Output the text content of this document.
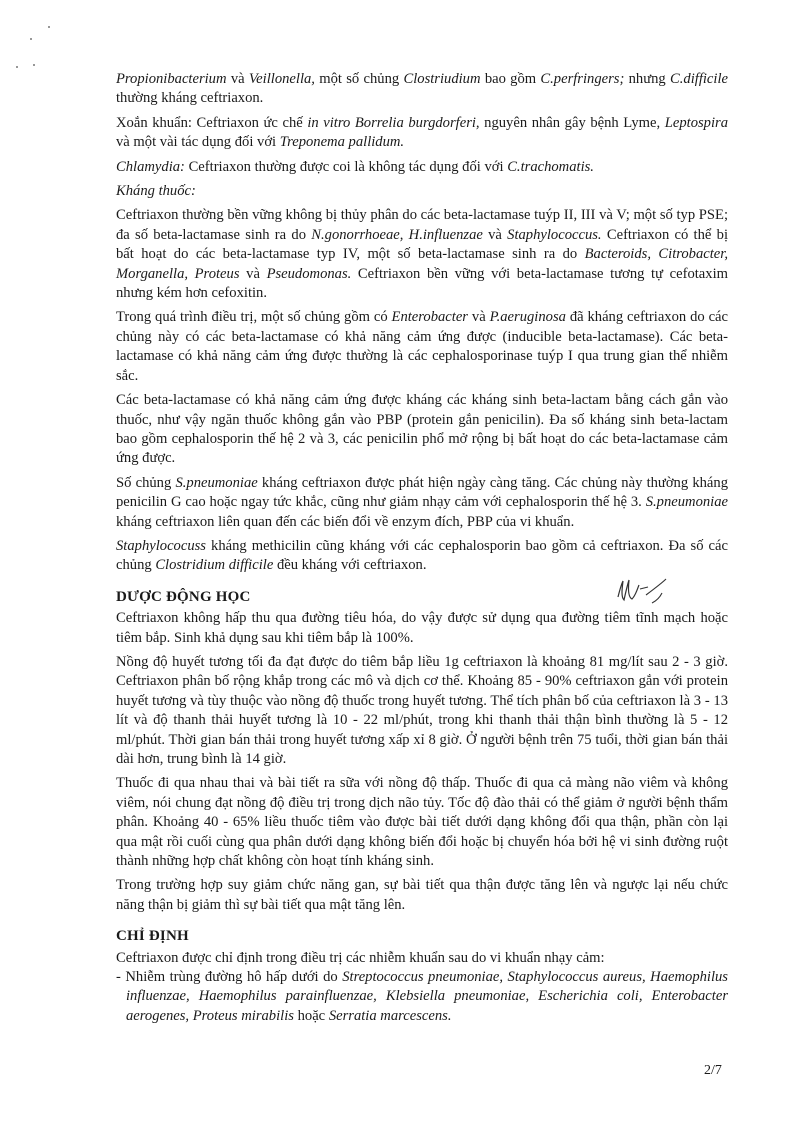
Propionibacterium và Veillonella, một số chủng Clostriudium bao gồm C.perfringers; nhưng C.difficile thường kháng ceftriaxon.

Xoắn khuẩn: Ceftriaxon ức chế in vitro Borrelia burgdorferi, nguyên nhân gây bệnh Lyme, Leptospira và một vài tác dụng đối với Treponema pallidum.

Chlamydia: Ceftriaxon thường được coi là không tác dụng đối với C.trachomatis.

Kháng thuốc:

Ceftriaxon thường bền vững không bị thủy phân do các beta-lactamase tuýp II, III và V; một số typ PSE; đa số beta-lactamase sinh ra do N.gonorrhoeae, H.influenzae và Staphylococcus. Ceftriaxon có thể bị bất hoạt do các beta-lactamase typ IV, một số beta-lactamase sinh ra do Bacteroids, Citrobacter, Morganella, Proteus và Pseudomonas. Ceftriaxon bền vững với beta-lactamase tương tự cefotaxim nhưng kém hơn cefoxitin.

Trong quá trình điều trị, một số chủng gồm có Enterobacter và P.aeruginosa đã kháng ceftriaxon do các chủng này có các beta-lactamase có khả năng cảm ứng được (inducible beta-lactamase). Các beta-lactamase có khả năng cảm ứng được thường là các cephalosporinase tuýp I qua trung gian thể nhiễm sắc.

Các beta-lactamase có khả năng cảm ứng được kháng các kháng sinh beta-lactam bằng cách gắn vào thuốc, như vậy ngăn thuốc không gắn vào PBP (protein gắn penicilin). Đa số kháng sinh beta-lactam bao gồm cephalosporin thế hệ 2 và 3, các penicilin phổ mở rộng bị bất hoạt do các beta-lactamase cảm ứng được.

Số chủng S.pneumoniae kháng ceftriaxon được phát hiện ngày càng tăng. Các chủng này thường kháng penicilin G cao hoặc ngay tức khắc, cũng như giảm nhạy cảm với cephalosporin thế hệ 3. S.pneumoniae kháng ceftriaxon liên quan đến các biến đổi về enzym đích, PBP của vi khuẩn.

Staphylococuss kháng methicilin cũng kháng với các cephalosporin bao gồm cả ceftriaxon. Đa số các chủng Clostridium difficile đều kháng với ceftriaxon.

DƯỢC ĐỘNG HỌC

Ceftriaxon không hấp thu qua đường tiêu hóa, do vậy được sử dụng qua đường tiêm tĩnh mạch hoặc tiêm bắp. Sinh khả dụng sau khi tiêm bắp là 100%.

Nồng độ huyết tương tối đa đạt được do tiêm bắp liều 1g ceftriaxon là khoảng 81 mg/lít sau 2 - 3 giờ. Ceftriaxon phân bố rộng khắp trong các mô và dịch cơ thể. Khoảng 85 - 90% ceftriaxon gắn với protein huyết tương và tùy thuộc vào nồng độ thuốc trong huyết tương. Thể tích phân bố của ceftriaxon là 3 - 13 lít và độ thanh thải huyết tương là 10 - 22 ml/phút, trong khi thanh thải thận bình thường là 5 - 12 ml/phút. Thời gian bán thải trong huyết tương xấp xỉ 8 giờ. Ở người bệnh trên 75 tuổi, thời gian bán thải dài hơn, trung bình là 14 giờ.

Thuốc đi qua nhau thai và bài tiết ra sữa với nồng độ thấp. Thuốc đi qua cả màng não viêm và không viêm, nói chung đạt nồng độ điều trị trong dịch não tủy. Tốc độ đào thải có thể giảm ở người bệnh thẩm phân. Khoảng 40 - 65% liều thuốc tiêm vào được bài tiết dưới dạng không đổi qua thận, phần còn lại qua mật rồi cuối cùng qua phân dưới dạng không biến đổi hoặc bị chuyển hóa bởi hệ vi sinh đường ruột thành những hợp chất không còn hoạt tính kháng sinh.

Trong trường hợp suy giảm chức năng gan, sự bài tiết qua thận được tăng lên và ngược lại nếu chức năng thận bị giảm thì sự bài tiết qua mật tăng lên.

CHỈ ĐỊNH

Ceftriaxon được chỉ định trong điều trị các nhiễm khuẩn sau do vi khuẩn nhạy cảm:

- Nhiễm trùng đường hô hấp dưới do Streptococcus pneumoniae, Staphylococcus aureus, Haemophilus influenzae, Haemophilus parainfluenzae, Klebsiella pneumoniae, Escherichia coli, Enterobacter aerogenes, Proteus mirabilis hoặc Serratia marcescens.

2/7
